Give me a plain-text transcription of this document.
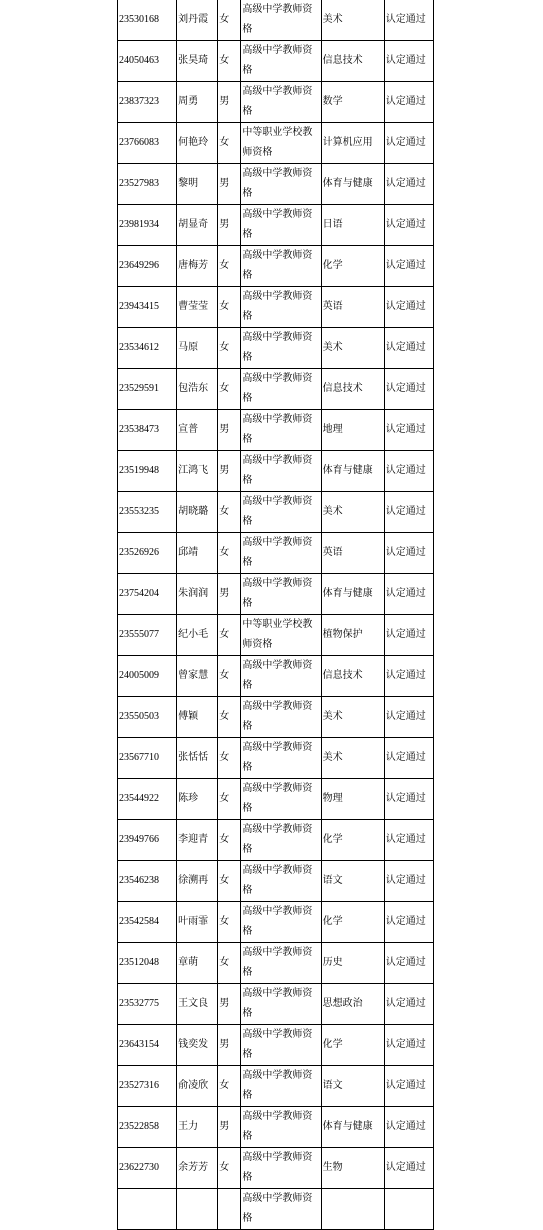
23530168	刘丹霞	女	高级中学教师资格	美术	认定通过
24050463	张昊琦	女	高级中学教师资格	信息技术	认定通过
23837323	周勇	男	高级中学教师资格	数学	认定通过
23766083	何艳玲	女	中等职业学校教师资格	计算机应用	认定通过
23527983	黎明	男	高级中学教师资格	体育与健康	认定通过
23981934	胡显奇	男	高级中学教师资格	日语	认定通过
23649296	唐梅芳	女	高级中学教师资格	化学	认定通过
23943415	曹莹莹	女	高级中学教师资格	英语	认定通过
23534612	马原	女	高级中学教师资格	美术	认定通过
23529591	包浩东	女	高级中学教师资格	信息技术	认定通过
23538473	宣普	男	高级中学教师资格	地理	认定通过
23519948	江鸿飞	男	高级中学教师资格	体育与健康	认定通过
23553235	胡晓璐	女	高级中学教师资格	美术	认定通过
23526926	邱靖	女	高级中学教师资格	英语	认定通过
23754204	朱润润	男	高级中学教师资格	体育与健康	认定通过
23555077	纪小毛	女	中等职业学校教师资格	植物保护	认定通过
24005009	曾家慧	女	高级中学教师资格	信息技术	认定通过
23550503	傅颖	女	高级中学教师资格	美术	认定通过
23567710	张恬恬	女	高级中学教师资格	美术	认定通过
23544922	陈珍	女	高级中学教师资格	物理	认定通过
23949766	李迎青	女	高级中学教师资格	化学	认定通过
23546238	徐溯再	女	高级中学教师资格	语文	认定通过
23542584	叶雨霏	女	高级中学教师资格	化学	认定通过
23512048	章萌	女	高级中学教师资格	历史	认定通过
23532775	王文良	男	高级中学教师资格	思想政治	认定通过
23643154	钱奕发	男	高级中学教师资格	化学	认定通过
23527316	俞凌欣	女	高级中学教师资格	语文	认定通过
23522858	王力	男	高级中学教师资格	体育与健康	认定通过
23622730	余芳芳	女	高级中学教师资格	生物	认定通过
			高级中学教师资格		
